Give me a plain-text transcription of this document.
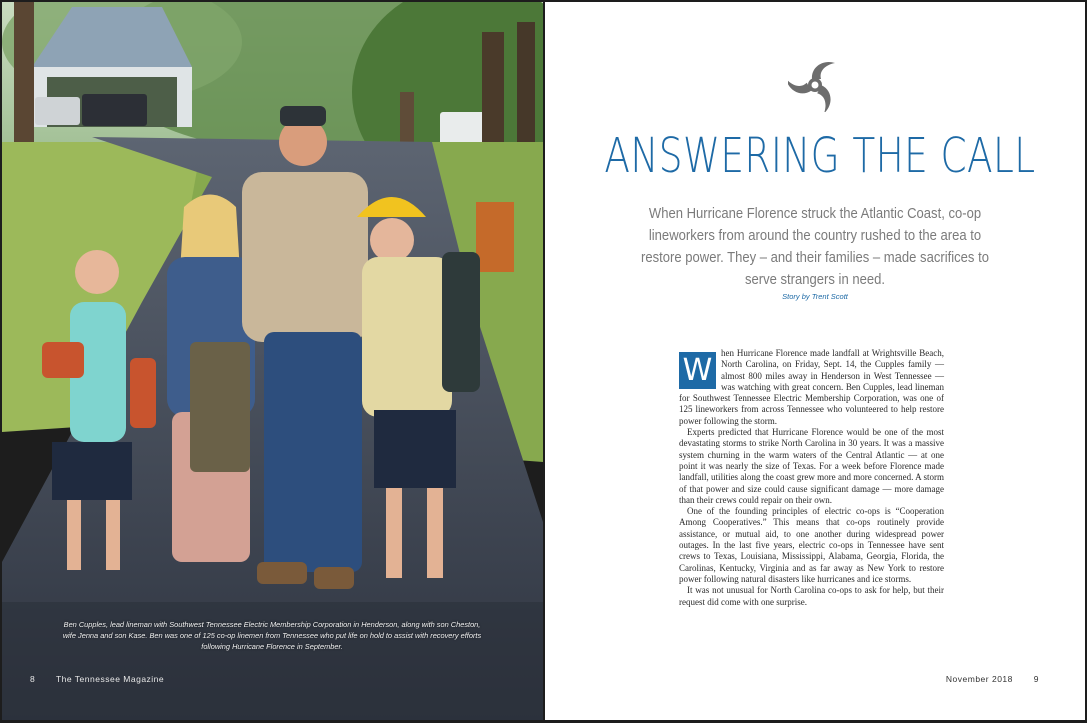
Ben Cupples, lead lineman with Southwest Tennessee Electric Membership Corporation in Henderson, along with son Cheston, wife Jenna and son Kase. Ben was one of 125 co-op linemen from Tennessee who put life on hold to assist with recovery efforts following Hurricane Florence in September.
8 The Tennessee Magazine
ANSWERING THE CALL

When Hurricane Florence struck the Atlantic Coast, co-op lineworkers from around the country rushed to the area to restore power. They – and their families – made sacrifices to serve strangers in need.

Story by Trent Scott

W hen Hurricane Florence made landfall at Wrightsville Beach, North Carolina, on Friday, Sept. 14, the Cupples family — almost 800 miles away in Henderson in West Tennessee — was watching with great concern. Ben Cupples, lead lineman for Southwest Tennessee Electric Membership Corporation, was one of 125 lineworkers from across Tennessee who volunteered to help restore power following the storm.

Experts predicted that Hurricane Florence would be one of the most devastating storms to strike North Carolina in 30 years. It was a massive system churning in the warm waters of the Central Atlantic — at one point it was nearly the size of Texas. For a week before Florence made landfall, utilities along the coast grew more and more concerned. A storm of that power and size could cause significant damage — more damage than their crews could repair on their own.

One of the founding principles of electric co-ops is “Cooperation Among Cooperatives.” This means that co-ops routinely provide assistance, or mutual aid, to one another during widespread power outages. In the last five years, electric co-ops in Tennessee have sent crews to Texas, Louisiana, Mississippi, Alabama, Georgia, Florida, the Carolinas, Kentucky, Virginia and as far away as New York to restore power following natural disasters like hurricanes and ice storms.

It was not unusual for North Carolina co-ops to ask for help, but their request did come with one surprise.

November 2018 9
